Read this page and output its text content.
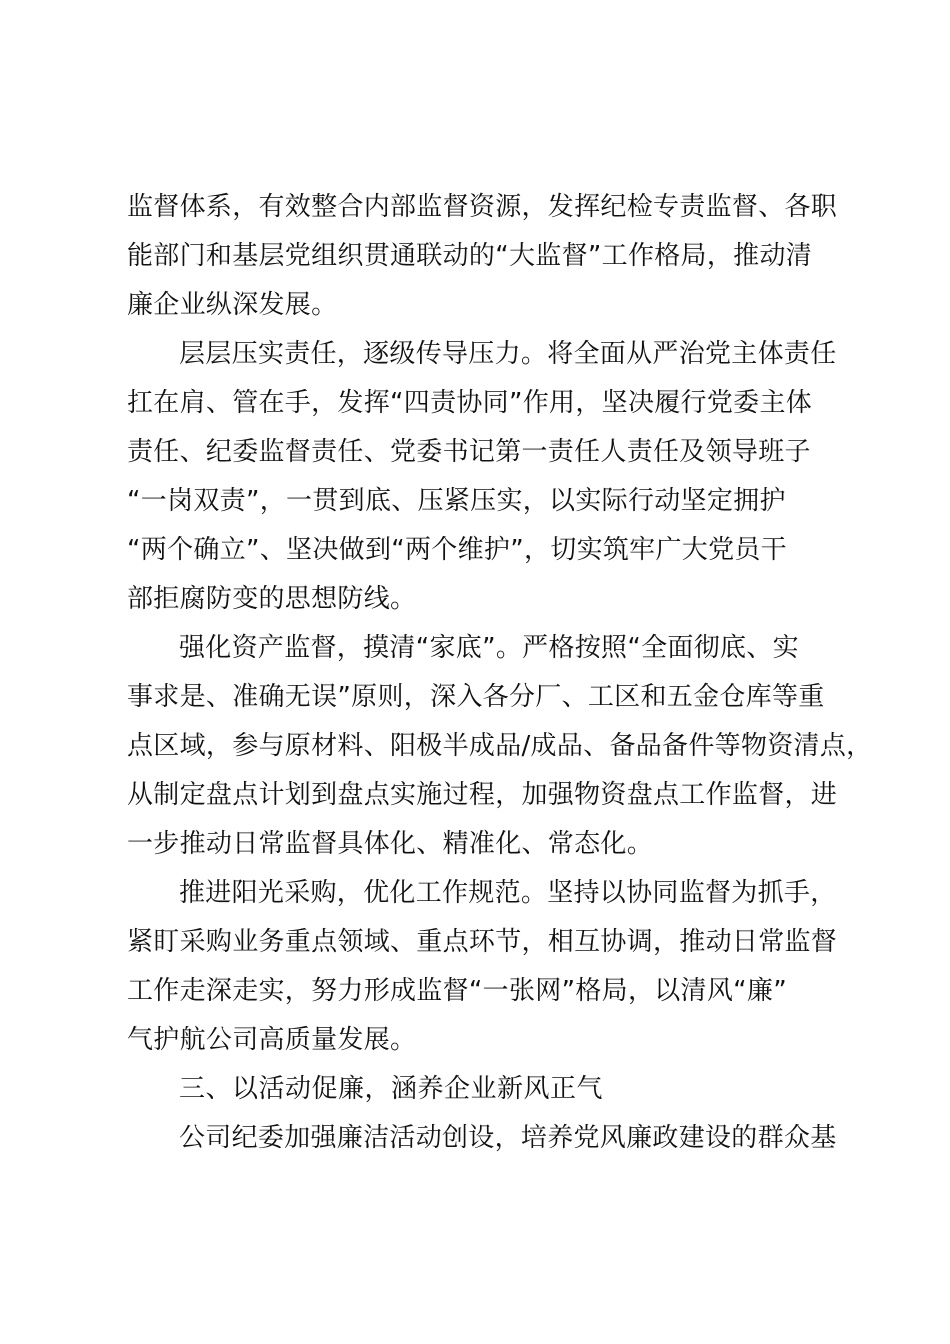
监督体系，有效整合内部监督资源，发挥纪检专责监督、各职
能部门和基层党组织贯通联动的“大监督”工作格局，推动清
廉企业纵深发展。
层层压实责任，逐级传导压力。将全面从严治党主体责任
扛在肩、管在手，发挥“四责协同”作用，坚决履行党委主体
责任、纪委监督责任、党委书记第一责任人责任及领导班子
“一岗双责”，一贯到底、压紧压实，以实际行动坚定拥护
“两个确立”、坚决做到“两个维护”，切实筑牢广大党员干
部拒腐防变的思想防线。
强化资产监督，摸清“家底”。严格按照“全面彻底、实
事求是、准确无误”原则，深入各分厂、工区和五金仓库等重
点区域，参与原材料、阳极半成品/成品、备品备件等物资清点，
从制定盘点计划到盘点实施过程，加强物资盘点工作监督，进
一步推动日常监督具体化、精准化、常态化。
推进阳光采购，优化工作规范。坚持以协同监督为抓手，
紧盯采购业务重点领域、重点环节，相互协调，推动日常监督
工作走深走实，努力形成监督“一张网”格局，以清风“廉”
气护航公司高质量发展。
三、以活动促廉，涵养企业新风正气
公司纪委加强廉洁活动创设，培养党风廉政建设的群众基
